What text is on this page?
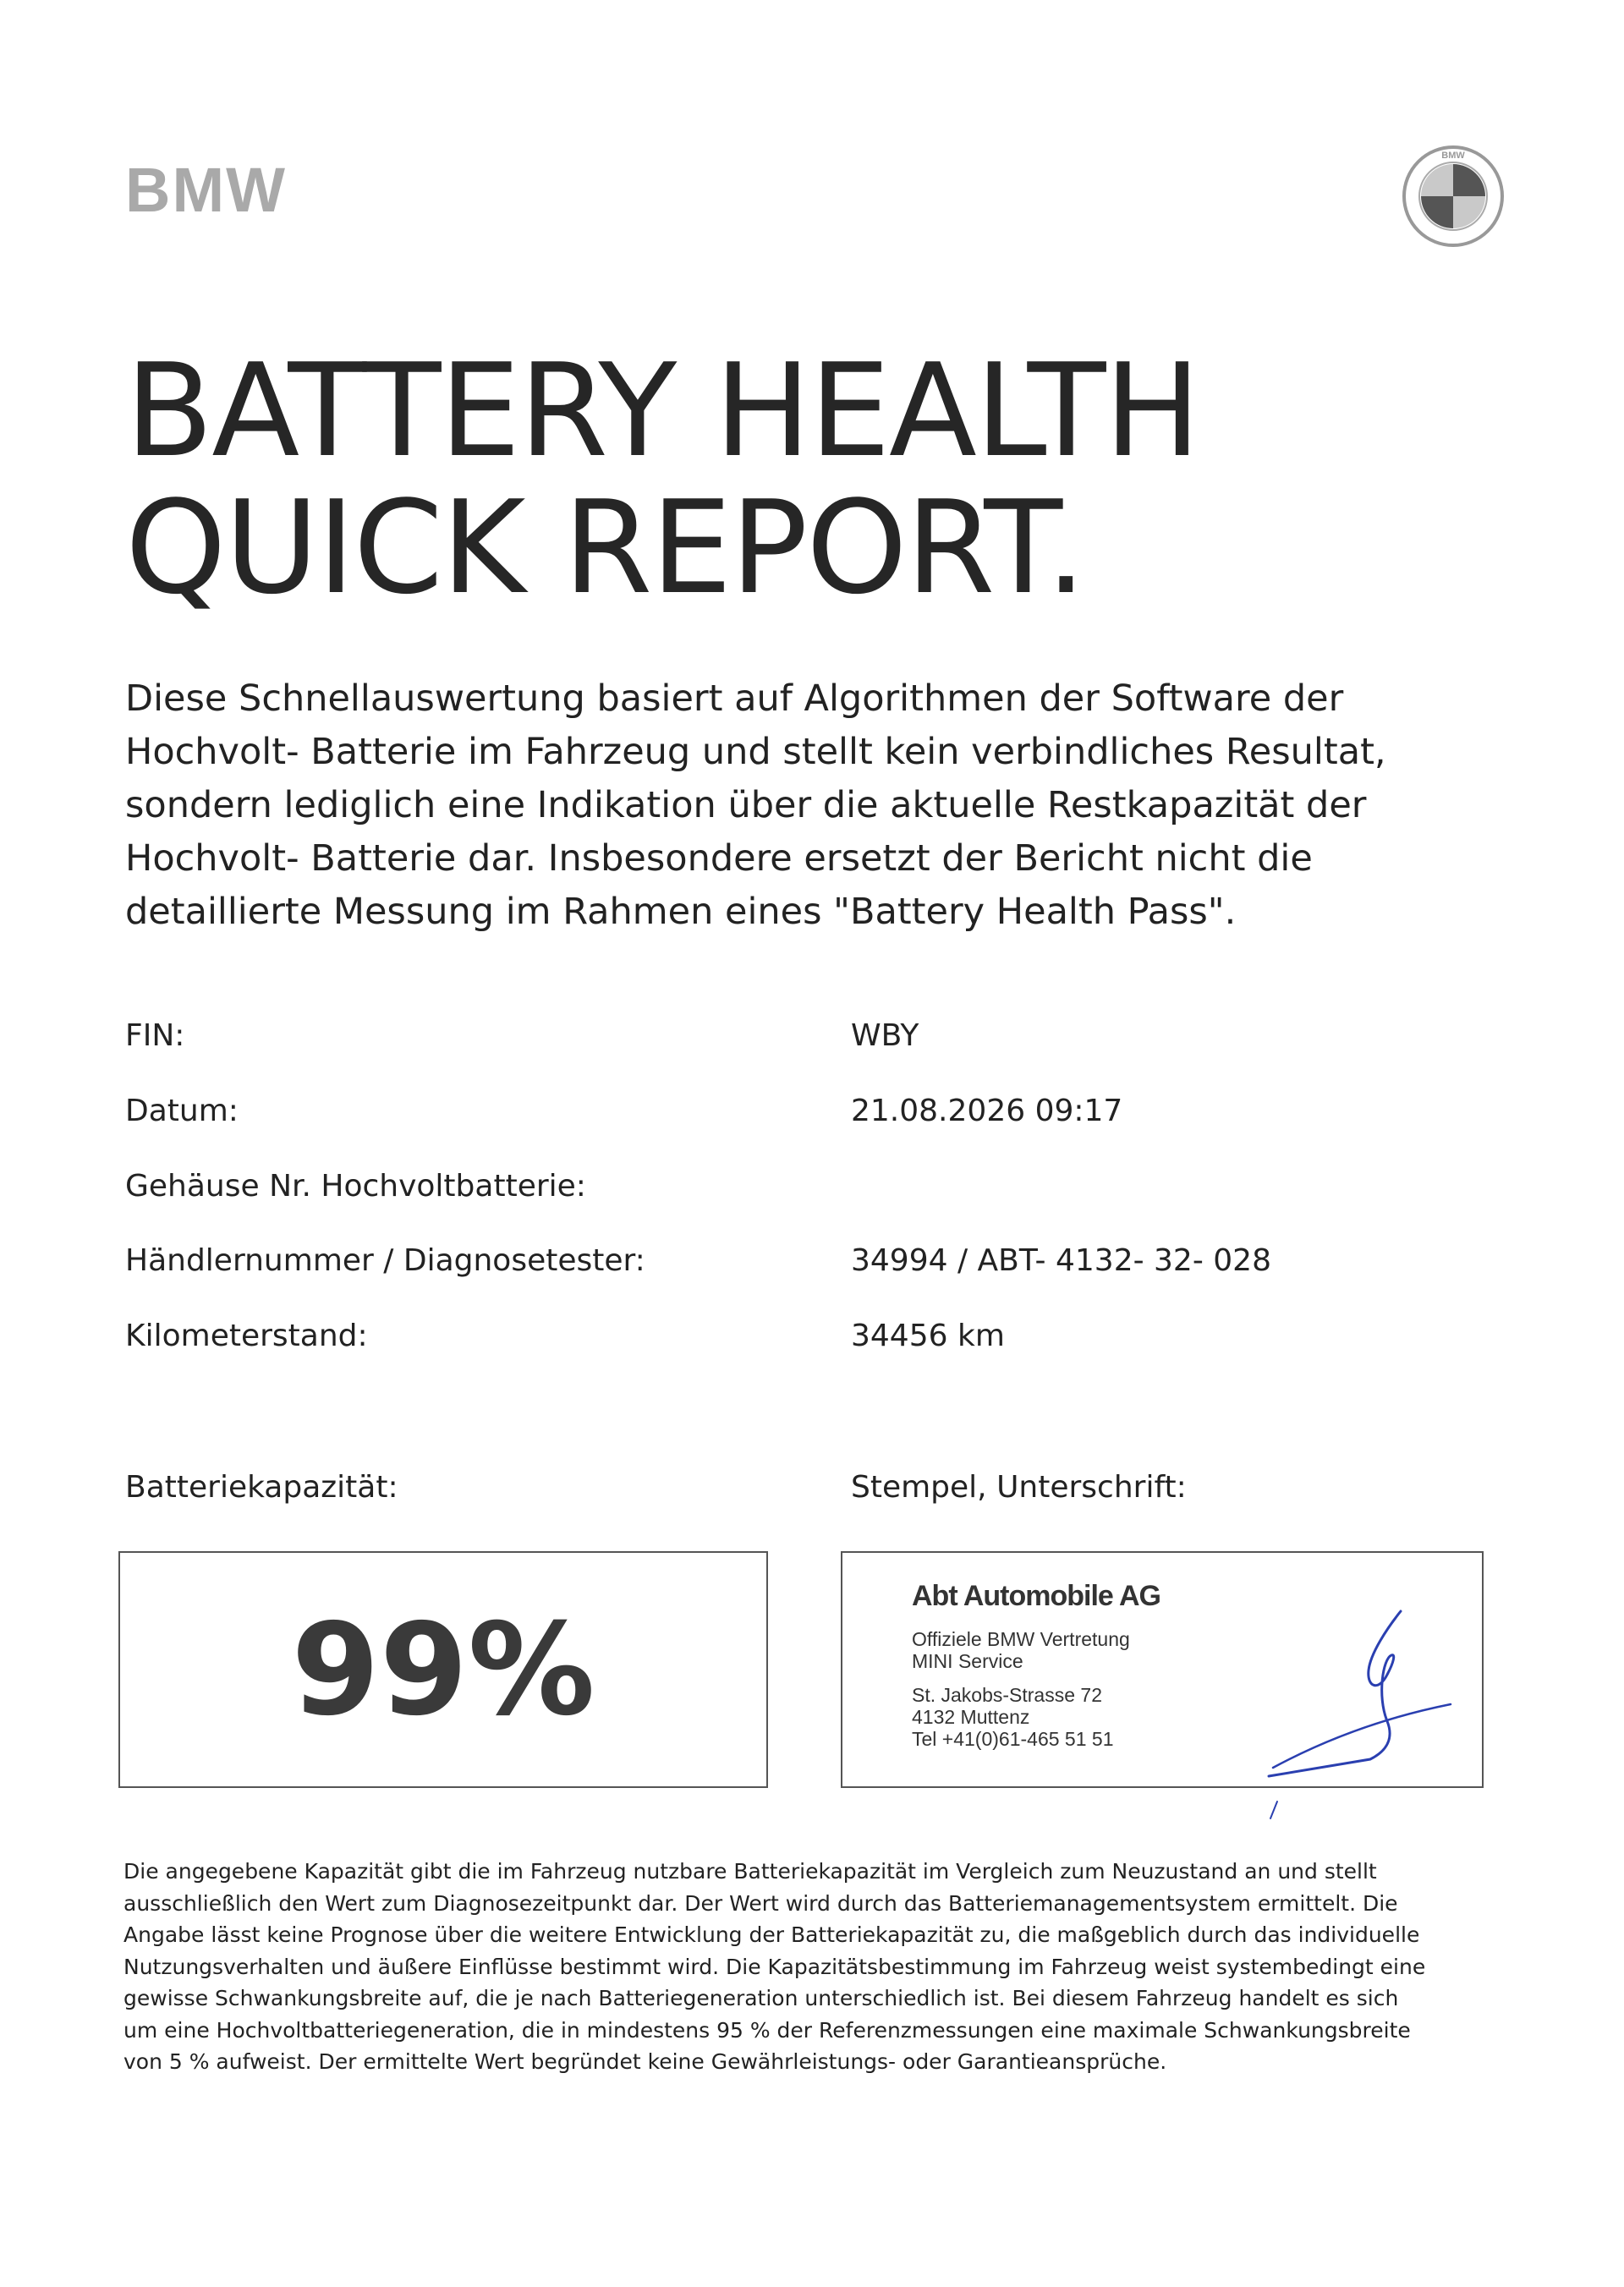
BMW	BMW
BATTERY HEALTH
QUICK REPORT.
Diese Schnellauswertung basiert auf Algorithmen der Software der
Hochvolt- Batterie im Fahrzeug und stellt kein verbindliches Resultat,
sondern lediglich eine Indikation über die aktuelle Restkapazität der
Hochvolt- Batterie dar. Insbesondere ersetzt der Bericht nicht die
detaillierte Messung im Rahmen eines "Battery Health Pass".
FIN:	WBY
Datum:	21.08.2026 09:17
Gehäuse Nr. Hochvoltbatterie:
Händlernummer / Diagnosetester:	34994 / ABT- 4132- 32- 028
Kilometerstand:	34456 km
Batteriekapazität:	Stempel, Unterschrift:
99%
Abt Automobile AG
Offiziele BMW Vertretung
MINI Service
St. Jakobs-Strasse 72
4132 Muttenz
Tel +41(0)61-465 51 51
Die angegebene Kapazität gibt die im Fahrzeug nutzbare Batteriekapazität im Vergleich zum Neuzustand an und stellt
ausschließlich den Wert zum Diagnosezeitpunkt dar. Der Wert wird durch das Batteriemanagementsystem ermittelt. Die
Angabe lässt keine Prognose über die weitere Entwicklung der Batteriekapazität zu, die maßgeblich durch das individuelle
Nutzungsverhalten und äußere Einflüsse bestimmt wird. Die Kapazitätsbestimmung im Fahrzeug weist systembedingt eine
gewisse Schwankungsbreite auf, die je nach Batteriegeneration unterschiedlich ist. Bei diesem Fahrzeug handelt es sich
um eine Hochvoltbatteriegeneration, die in mindestens 95 % der Referenzmessungen eine maximale Schwankungsbreite
von 5 % aufweist. Der ermittelte Wert begründet keine Gewährleistungs- oder Garantieansprüche.
